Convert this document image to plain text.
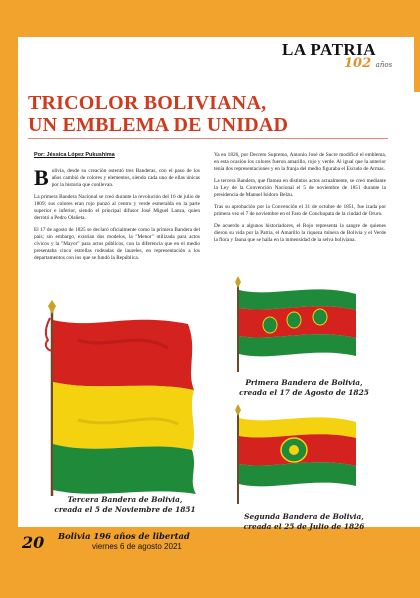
LA PATRIA
102 años
TRICOLOR BOLIVIANA,
UN EMBLEMA DE UNIDAD
Por: Jéssica López Pukushima

Bolivia, desde su creación ostentó tres Banderas, con el paso de los años cambió de colores y elementos, siendo cada uno de ellas únicas por la historia que conllevan.

La primera Bandera Nacional se creó durante la revolución del 16 de julio de 1809; sus colores eran rojo punzó al centro y verde esmeralda en la parte superior e inferior, siendo el principal difusor José Miguel Lanza, quien derrotó a Pedro Olañeta.

El 17 de agosto de 1825 se declaró oficialmente como la primera Bandera del país; sin embargo, existían dos modelos, la "Menor" utilizada para actos cívicos y la "Mayor" para actos públicos, con la diferencia que en el medio presentaba cinco estrellas rodeadas de laureles, en representación a los departamentos con los que se fundó la República.

Ya en 1826, por Decreto Supremo, Antonio José de Sucre modificó el emblema, en esta ocasión los colores fueron amarillo, rojo y verde. Al igual que la anterior tenía dos representaciones y en la franja del medio figuraba el Escudo de Armas.

La tercera Bandera, que flamea en distintos actos actualmente, se creó mediante la Ley de la Convención Nacional el 5 de noviembre de 1851 durante la presidencia de Manuel Isidoro Belzu.

Tras su aprobación por la Convención el 31 de octubre de 1851, fue izada por primera vez el 7 de noviembre en el Faro de Conchupata de la ciudad de Oruro.

De acuerdo a algunos historiadores, el Rojo representa la sangre de quienes dieron su vida por la Patria, el Amarillo la riqueza minera de Bolivia y el Verde la flora y fauna que se halla en la inmensidad de la selva boliviana.

Tercera Bandera de Bolivia,
creada el 5 de Noviembre de 1851
Primera Bandera de Bolivia,
creada el 17 de Agosto de 1825
Segunda Bandera de Bolivia,
creada el 25 de Julio de 1826
20 Bolivia 196 años de libertad
viernes 6 de agosto 2021
